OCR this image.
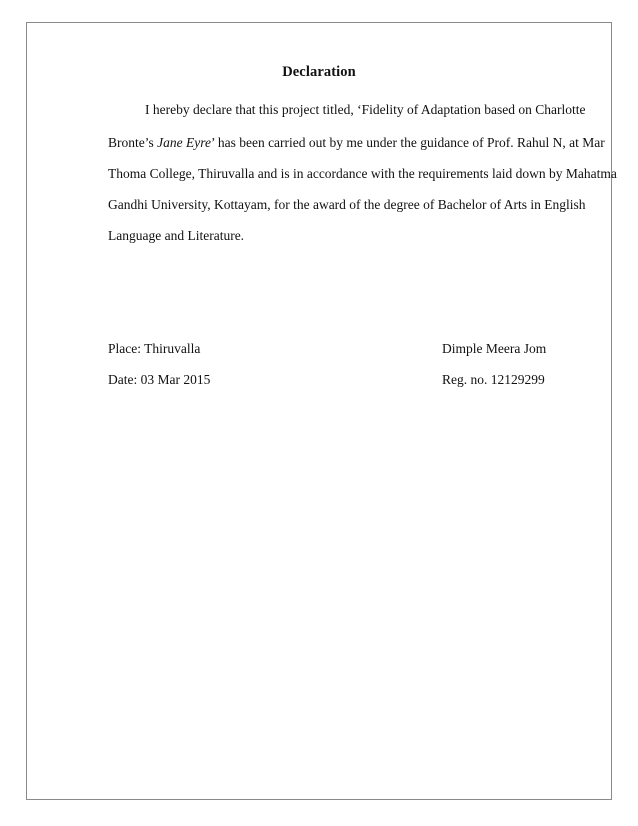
Declaration
I hereby declare that this project titled, ‘Fidelity of Adaptation based on Charlotte
Bronte’s Jane Eyre’ has been carried out by me under the guidance of Prof. Rahul N, at Mar
Thoma College, Thiruvalla and is in accordance with the requirements laid down by Mahatma
Gandhi University, Kottayam, for the award of the degree of Bachelor of Arts in English
Language and Literature.
Place: Thiruvalla	Dimple Meera Jom
Date: 03 Mar 2015	Reg. no. 12129299
